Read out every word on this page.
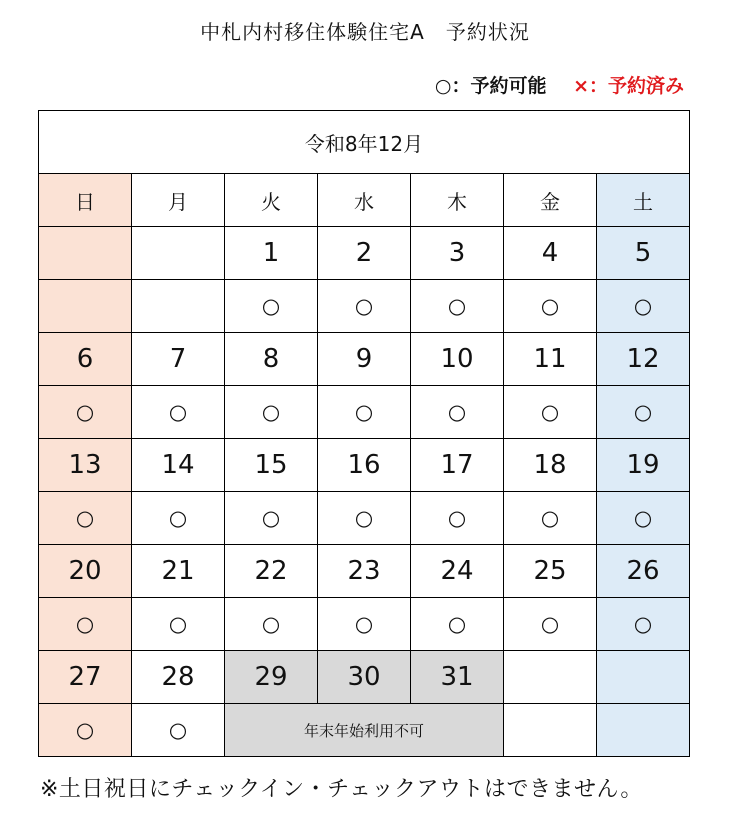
中札内村移住体験住宅A　予約状況
○：予約可能 ×：予約済み
令和8年12月						
日	月	火	水	木	金	土
		1	2	3	4	5
		○	○	○	○	○
6	7	8	9	10	11	12
○	○	○	○	○	○	○
13	14	15	16	17	18	19
○	○	○	○	○	○	○
20	21	22	23	24	25	26
○	○	○	○	○	○	○
27	28	29	30	31		
○	○	年末年始利用不可				
※土日祝日にチェックイン・チェックアウトはできません。
